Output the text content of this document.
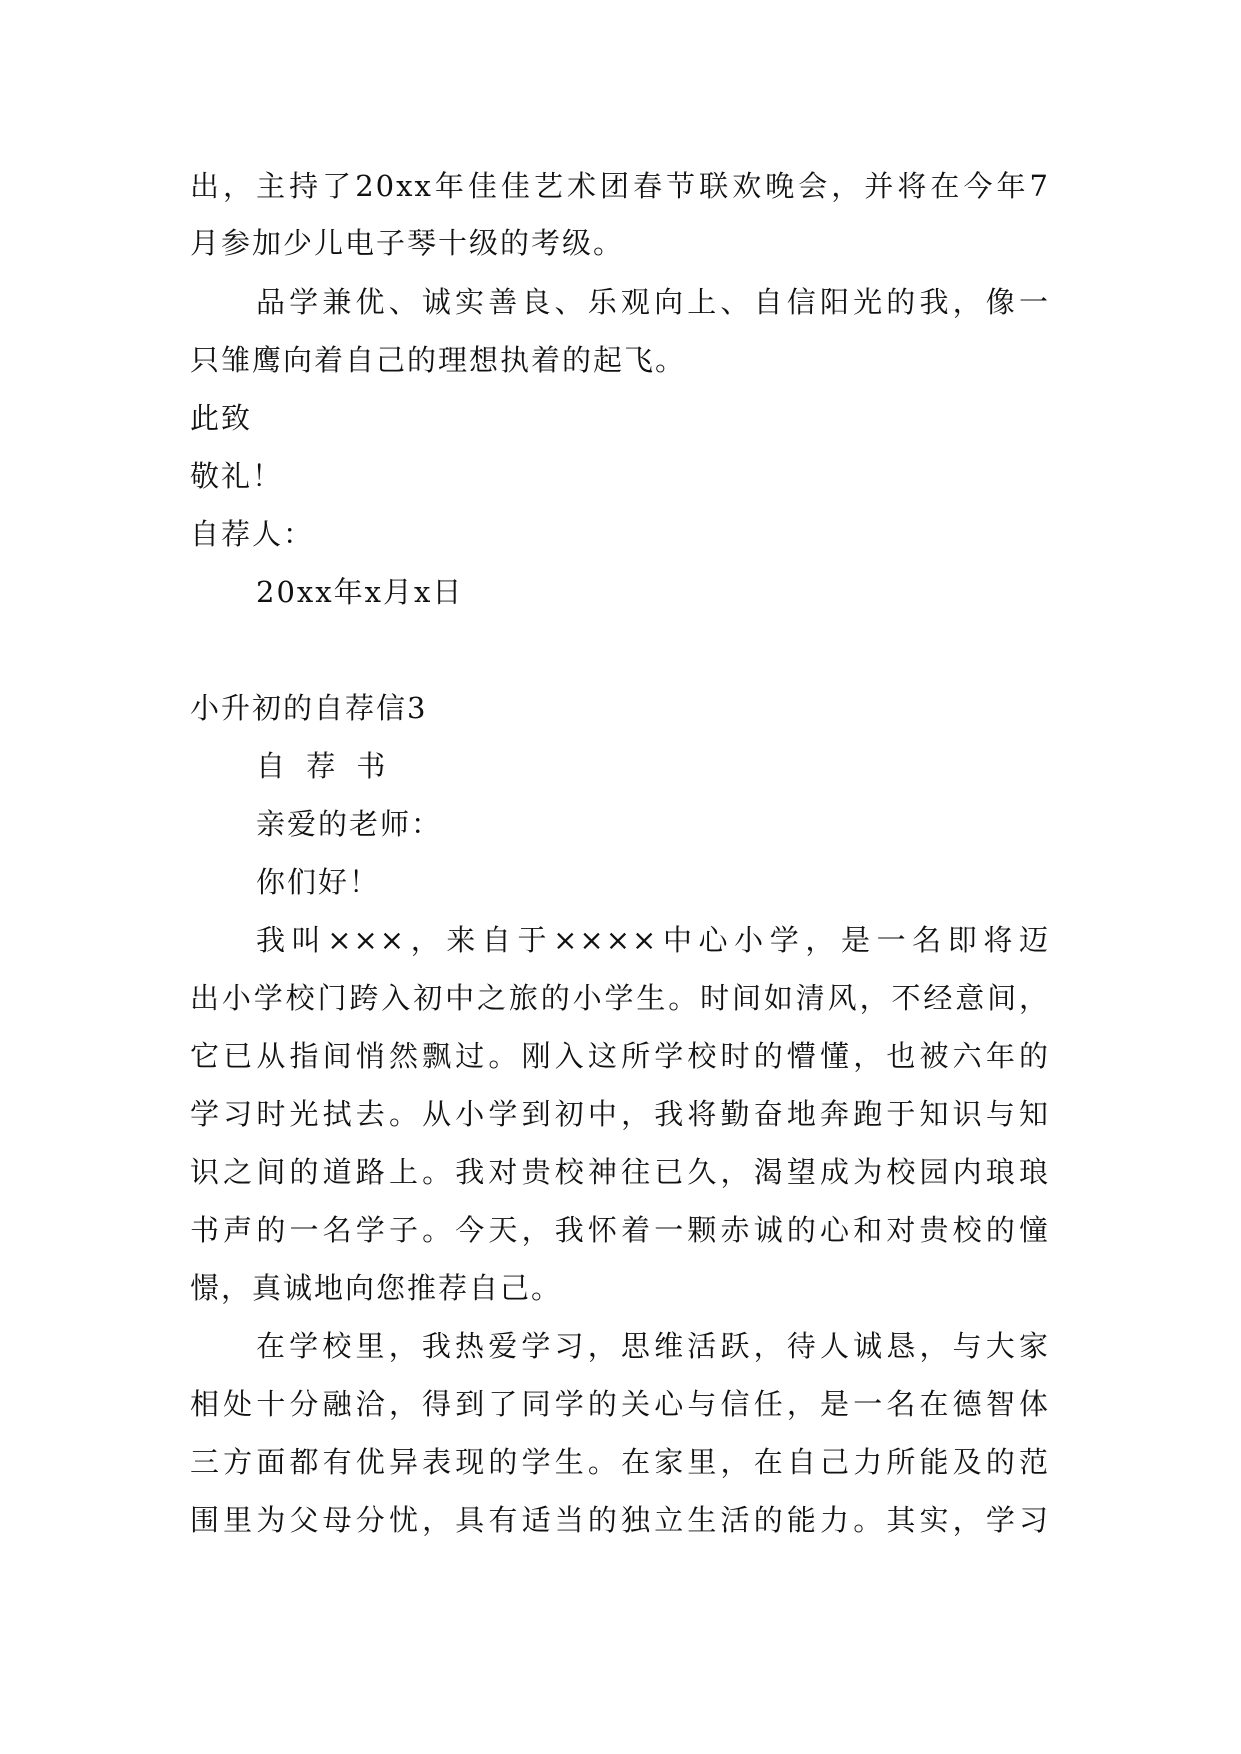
出，主持了20xx年佳佳艺术团春节联欢晚会，并将在今年7
月参加少儿电子琴十级的考级。
品学兼优、诚实善良、乐观向上、自信阳光的我，像一
只雏鹰向着自己的理想执着的起飞。
此致
敬礼！
自荐人：
20xx年x月x日
小升初的自荐信3
自 荐 书
亲爱的老师：
你们好！
我叫×××，来自于××××中心小学，是一名即将迈
出小学校门跨入初中之旅的小学生。时间如清风，不经意间，
它已从指间悄然飘过。刚入这所学校时的懵懂，也被六年的
学习时光拭去。从小学到初中，我将勤奋地奔跑于知识与知
识之间的道路上。我对贵校神往已久，渴望成为校园内琅琅
书声的一名学子。今天，我怀着一颗赤诚的心和对贵校的憧
憬，真诚地向您推荐自己。
在学校里，我热爱学习，思维活跃，待人诚恳，与大家
相处十分融洽，得到了同学的关心与信任，是一名在德智体
三方面都有优异表现的学生。在家里，在自己力所能及的范
围里为父母分忧，具有适当的独立生活的能力。其实，学习
